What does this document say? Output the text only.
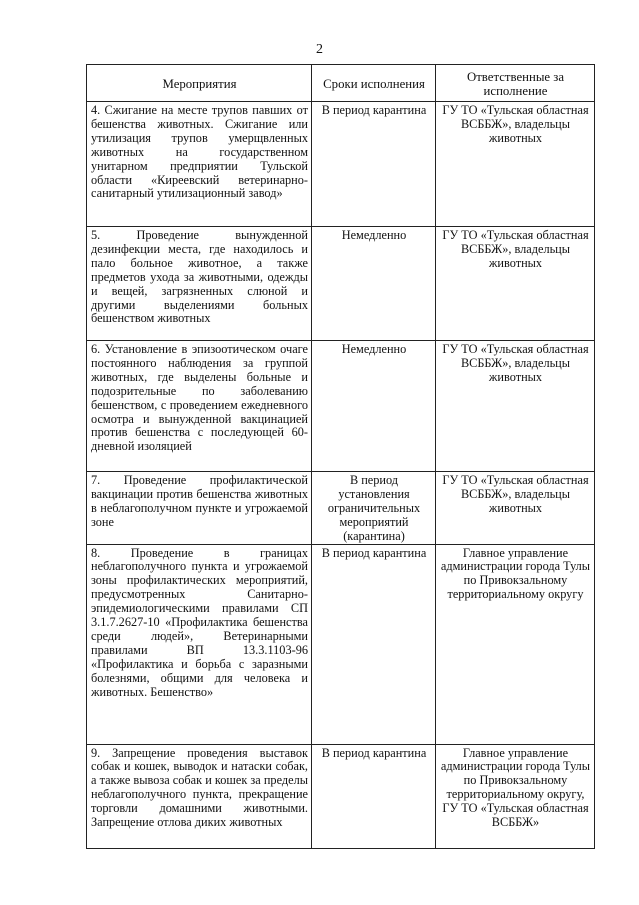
2
Мероприятия	Сроки исполнения	Ответственные за исполнение
4. Сжигание на месте трупов павших от бешенства животных. Сжигание или утилизация трупов умерщвленных животных на государственном унитарном предприятии Тульской области «Киреевский ветеринарно-санитарный утилизационный завод»	В период карантина	ГУ ТО «Тульская областная ВСББЖ», владельцы животных
5. Проведение вынужденной дезинфекции места, где находилось и пало больное животное, а также предметов ухода за животными, одежды и вещей, загрязненных слюной и другими выделениями больных бешенством животных	Немедленно	ГУ ТО «Тульская областная ВСББЖ», владельцы животных
6. Установление в эпизоотическом очаге постоянного наблюдения за группой животных, где выделены больные и подозрительные по заболеванию бешенством, с проведением ежедневного осмотра и вынужденной вакцинацией против бешенства с последующей 60-дневной изоляцией	Немедленно	ГУ ТО «Тульская областная ВСББЖ», владельцы животных
7. Проведение профилактической вакцинации против бешенства животных в неблагополучном пункте и угрожаемой зоне	В период установления ограничительных мероприятий (карантина)	ГУ ТО «Тульская областная ВСББЖ», владельцы животных
8. Проведение в границах неблагополучного пункта и угрожаемой зоны профилактических мероприятий, предусмотренных Санитарно-эпидемиологическими правилами СП 3.1.7.2627-10 «Профилактика бешенства среди людей», Ветеринарными правилами ВП 13.3.1103-96 «Профилактика и борьба с заразными болезнями, общими для человека и животных. Бешенство»	В период карантина	Главное управление администрации города Тулы по Привокзальному территориальному округу
9. Запрещение проведения выставок собак и кошек, выводок и натаски собак, а также вывоза собак и кошек за пределы неблагополучного пункта, прекращение торговли домашними животными. Запрещение отлова диких животных	В период карантина	Главное управление администрации города Тулы по Привокзальному территориальному округу, ГУ ТО «Тульская областная ВСББЖ»
